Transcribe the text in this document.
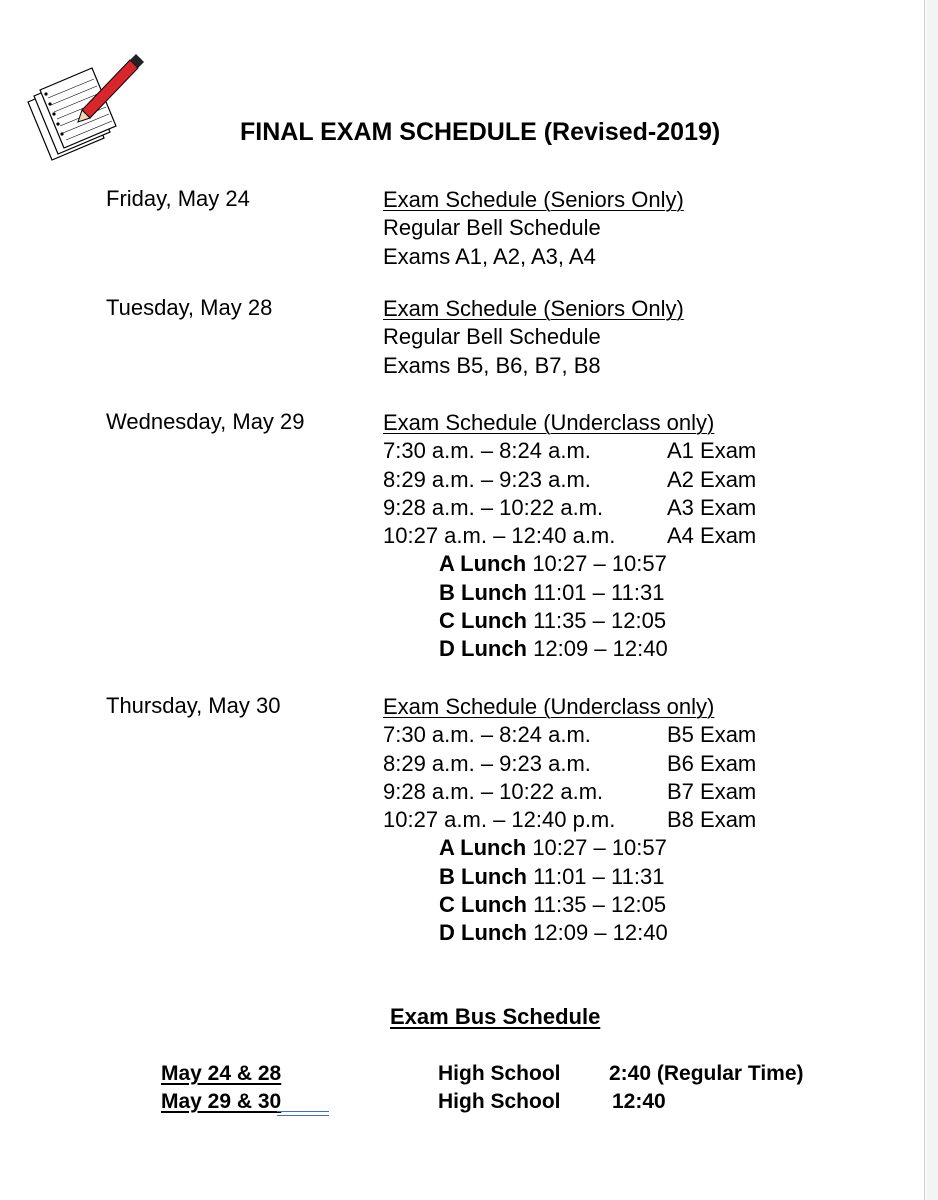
FINAL EXAM SCHEDULE (Revised-2019)
Friday, May 24	Exam Schedule (Seniors Only)
Regular Bell Schedule
Exams A1, A2, A3, A4
Tuesday, May 28	Exam Schedule (Seniors Only)
Regular Bell Schedule
Exams B5, B6, B7, B8
Wednesday, May 29	Exam Schedule (Underclass only)
7:30 a.m. – 8:24 a.m.	A1 Exam
8:29 a.m. – 9:23 a.m.	A2 Exam
9:28 a.m. – 10:22 a.m.	A3 Exam
10:27 a.m. – 12:40 a.m. A4 Exam
A Lunch 10:27 – 10:57
B Lunch 11:01 – 11:31
C Lunch 11:35 – 12:05
D Lunch 12:09 – 12:40
Thursday, May 30	Exam Schedule (Underclass only)
7:30 a.m. – 8:24 a.m.	B5 Exam
8:29 a.m. – 9:23 a.m.	B6 Exam
9:28 a.m. – 10:22 a.m.	B7 Exam
10:27 a.m. – 12:40 p.m. B8 Exam
A Lunch 10:27 – 10:57
B Lunch 11:01 – 11:31
C Lunch 11:35 – 12:05
D Lunch 12:09 – 12:40
Exam Bus Schedule
May 24 & 28	High School 2:40 (Regular Time)
May 29 & 30	High School 12:40
